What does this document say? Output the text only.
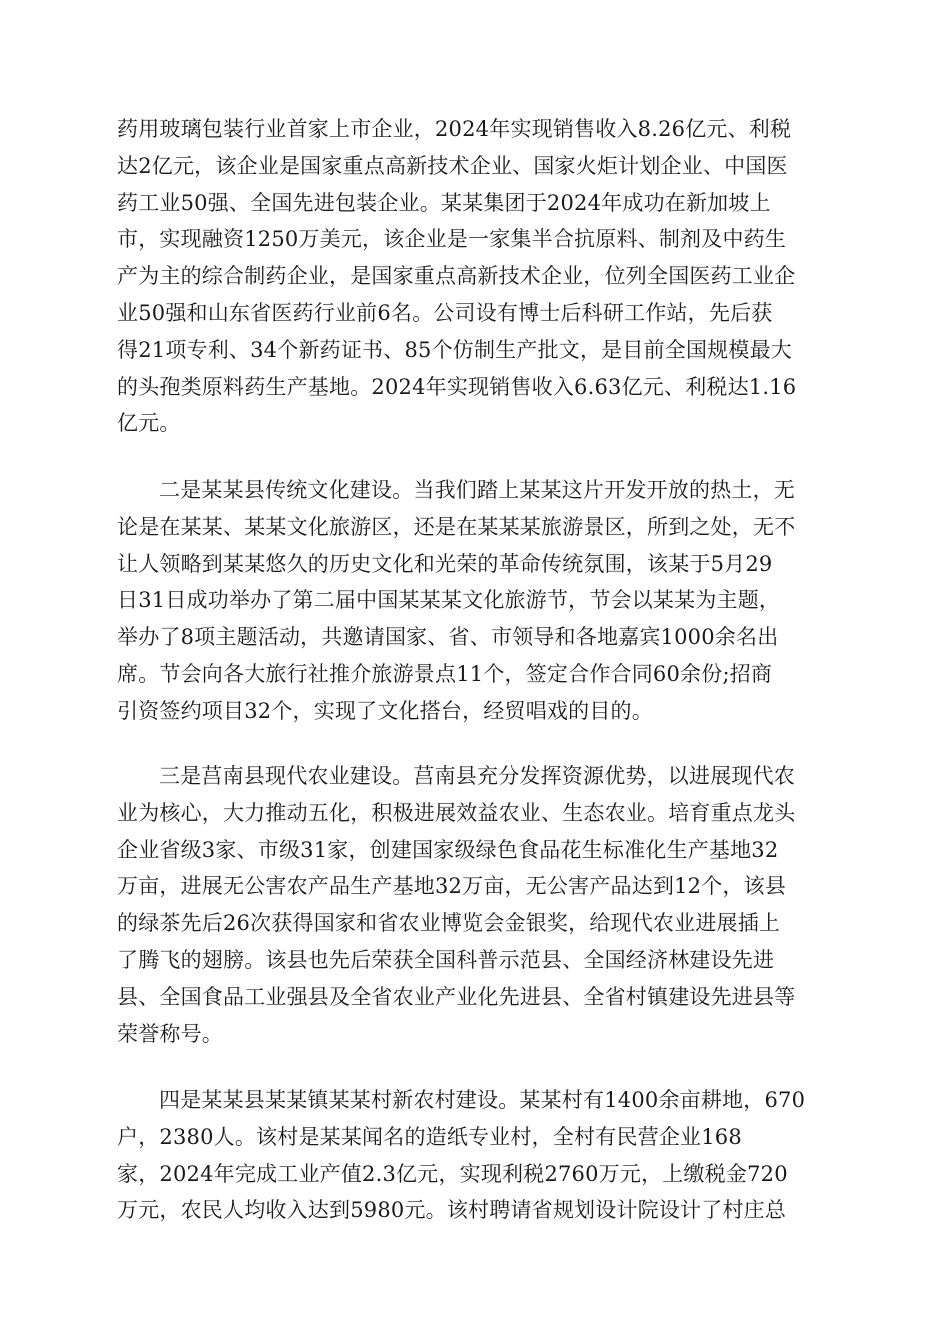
药用玻璃包装行业首家上市企业，2024年实现销售收入8.26亿元、利税
达2亿元，该企业是国家重点高新技术企业、国家火炬计划企业、中国医
药工业50强、全国先进包装企业。某某集团于2024年成功在新加坡上
市，实现融资1250万美元，该企业是一家集半合抗原料、制剂及中药生
产为主的综合制药企业，是国家重点高新技术企业，位列全国医药工业企
业50强和山东省医药行业前6名。公司设有博士后科研工作站，先后获
得21项专利、34个新药证书、85个仿制生产批文，是目前全国规模最大
的头孢类原料药生产基地。2024年实现销售收入6.63亿元、利税达1.16
亿元。

二是某某县传统文化建设。当我们踏上某某这片开发开放的热土，无
论是在某某、某某文化旅游区，还是在某某某旅游景区，所到之处，无不
让人领略到某某悠久的历史文化和光荣的革命传统氛围，该某于5月29
日31日成功举办了第二届中国某某某文化旅游节，节会以某某为主题，
举办了8项主题活动，共邀请国家、省、市领导和各地嘉宾1000余名出
席。节会向各大旅行社推介旅游景点11个，签定合作合同60余份;招商
引资签约项目32个，实现了文化搭台，经贸唱戏的目的。

三是莒南县现代农业建设。莒南县充分发挥资源优势，以进展现代农
业为核心，大力推动五化，积极进展效益农业、生态农业。培育重点龙头
企业省级3家、市级31家，创建国家级绿色食品花生标准化生产基地32
万亩，进展无公害农产品生产基地32万亩，无公害产品达到12个，该县
的绿茶先后26次获得国家和省农业博览会金银奖，给现代农业进展插上
了腾飞的翅膀。该县也先后荣获全国科普示范县、全国经济林建设先进
县、全国食品工业强县及全省农业产业化先进县、全省村镇建设先进县等
荣誉称号。

四是某某县某某镇某某村新农村建设。某某村有1400余亩耕地，670
户，2380人。该村是某某闻名的造纸专业村，全村有民营企业168
家，2024年完成工业产值2.3亿元，实现利税2760万元，上缴税金720
万元，农民人均收入达到5980元。该村聘请省规划设计院设计了村庄总
